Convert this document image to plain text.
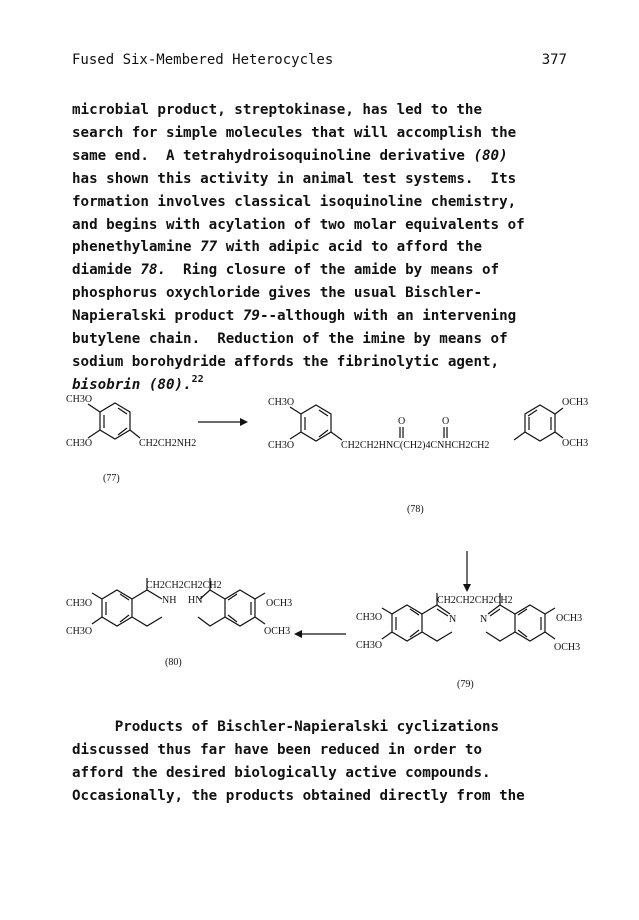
Fused Six-Membered Heterocycles	377
microbial product, streptokinase, has led to the
search for simple molecules that will accomplish the
same end.  A tetrahydroisoquinoline derivative (80)
has shown this activity in animal test systems.  Its
formation involves classical isoquinoline chemistry,
and begins with acylation of two molar equivalents of
phenethylamine 77 with adipic acid to afford the
diamide 78.  Ring closure of the amide by means of
phosphorus oxychloride gives the usual Bischler-
Napieralski product 79--although with an intervening
butylene chain.  Reduction of the imine by means of
sodium borohydride affords the fibrinolytic agent,
bisobrin (80).$^{22}$
CH3O
CH3O	CH2CH2NH2
(77)
CH3O
CH3O	CH2CH2HNC(CH2)4CNHCH2CH2
O	O
OCH3
OCH3
(78)
CH2CH2CH2CH2
CH3O
CH3O
NH HN	OCH3
OCH3
(80)
CH2CH2CH2CH2
CH3O
CH3O
N N	OCH3
OCH3
(79)
Products of Bischler-Napieralski cyclizations
discussed thus far have been reduced in order to
afford the desired biologically active compounds.
Occasionally, the products obtained directly from the
